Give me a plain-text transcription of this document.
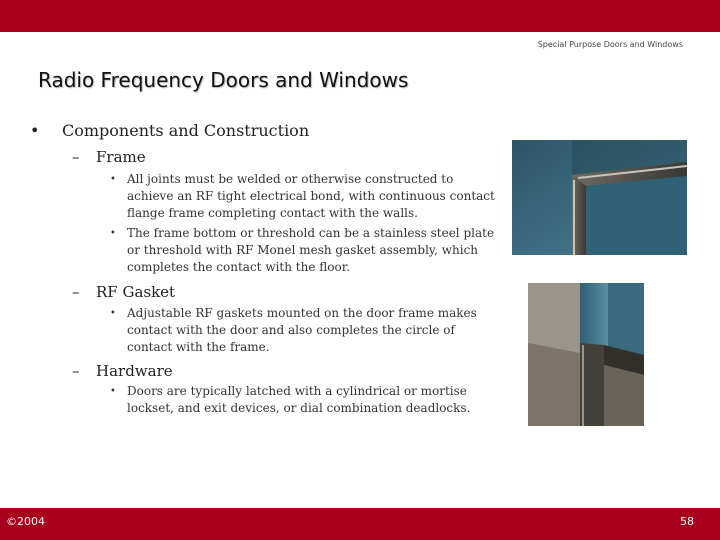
Special Purpose Doors and Windows
Radio Frequency Doors and Windows
• Components and Construction
– Frame
• All joints must be welded or otherwise constructed to achieve an RF tight electrical bond, with continuous contact flange frame completing contact with the walls.
• The frame bottom or threshold can be a stainless steel plate or threshold with RF Monel mesh gasket assembly, which completes the contact with the floor.
– RF Gasket
• Adjustable RF gaskets mounted on the door frame makes contact with the door and also completes the circle of contact with the frame.
– Hardware
• Doors are typically latched with a cylindrical or mortise lockset, and exit devices, or dial combination deadlocks.
©2004	58
